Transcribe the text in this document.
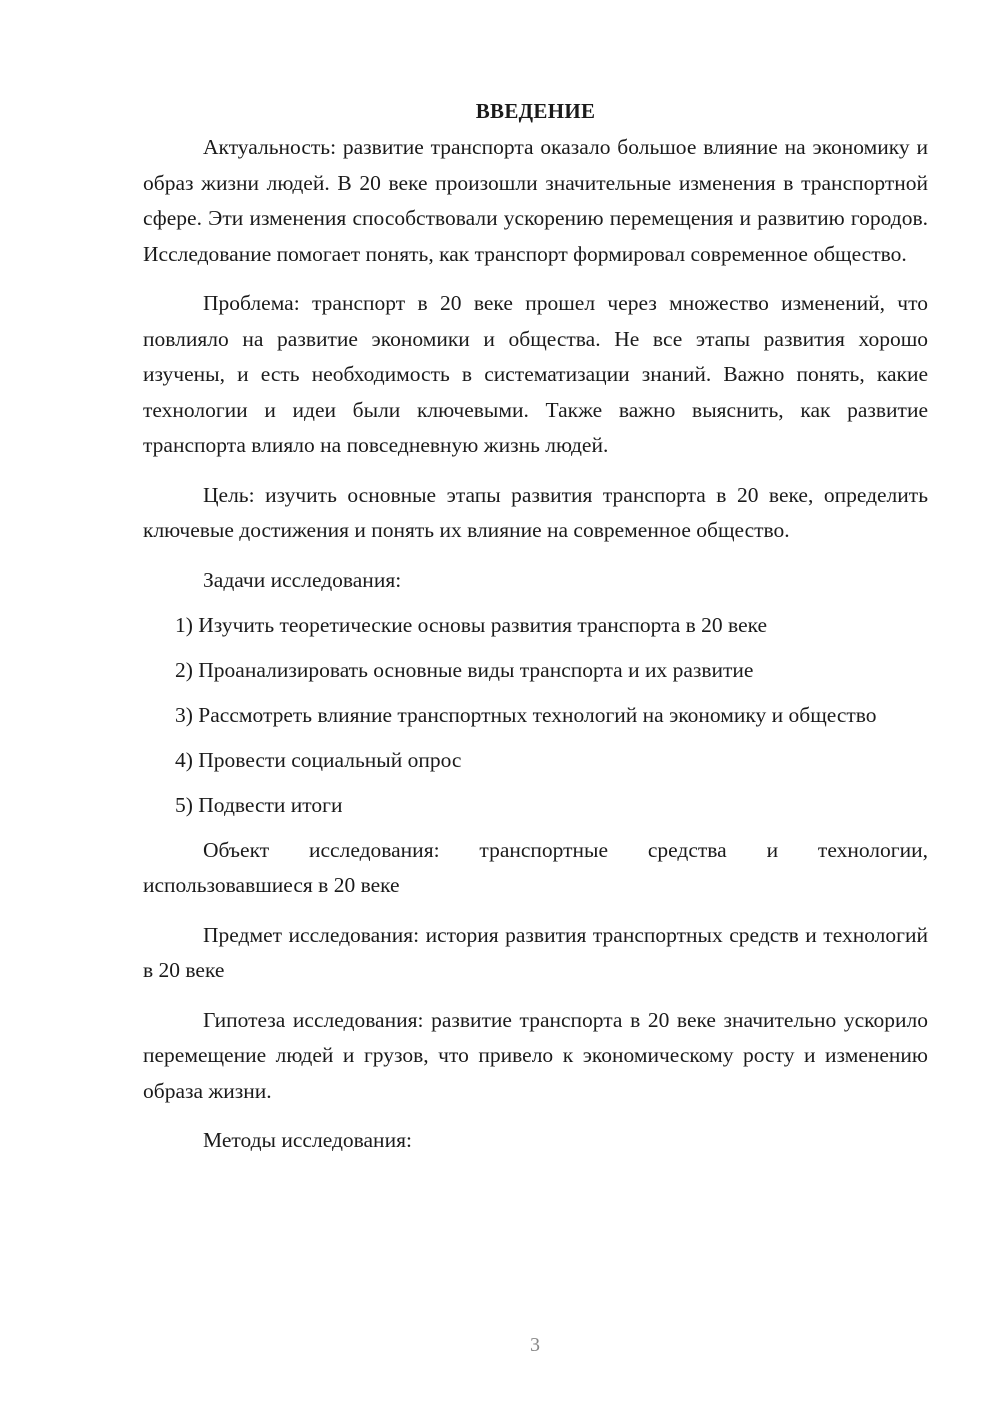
ВВЕДЕНИЕ

Актуальность: развитие транспорта оказало большое влияние на экономику и образ жизни людей. В 20 веке произошли значительные изменения в транспортной сфере. Эти изменения способствовали ускорению перемещения и развитию городов. Исследование помогает понять, как транспорт формировал современное общество.

Проблема: транспорт в 20 веке прошел через множество изменений, что повлияло на развитие экономики и общества. Не все этапы развития хорошо изучены, и есть необходимость в систематизации знаний. Важно понять, какие технологии и идеи были ключевыми. Также важно выяснить, как развитие транспорта влияло на повседневную жизнь людей.

Цель: изучить основные этапы развития транспорта в 20 веке, определить ключевые достижения и понять их влияние на современное общество.

Задачи исследования:

1) Изучить теоретические основы развития транспорта в 20 веке

2) Проанализировать основные виды транспорта и их развитие

3) Рассмотреть влияние транспортных технологий на экономику и общество

4) Провести социальный опрос

5) Подвести итоги

Объект исследования: транспортные средства и технологии, использовавшиеся в 20 веке

Предмет исследования: история развития транспортных средств и технологий в 20 веке

Гипотеза исследования: развитие транспорта в 20 веке значительно ускорило перемещение людей и грузов, что привело к экономическому росту и изменению образа жизни.

Методы исследования:

3
